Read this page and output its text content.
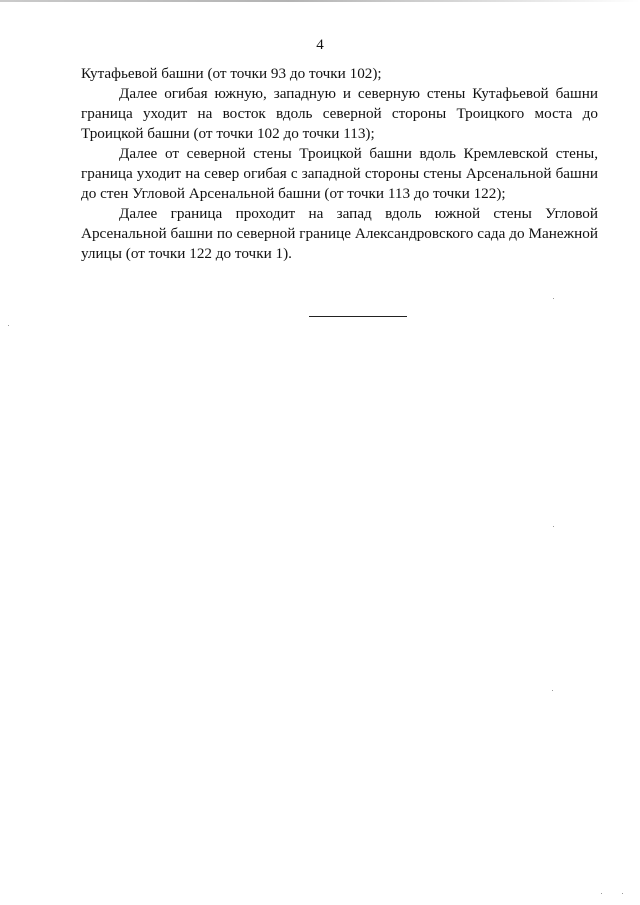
4

Кутафьевой башни (от точки 93 до точки 102);

Далее огибая южную, западную и северную стены Кутафьевой башни граница уходит на восток вдоль северной стороны Троицкого моста до Троицкой башни (от точки 102 до точки 113);

Далее от северной стены Троицкой башни вдоль Кремлевской стены, граница уходит на север огибая с западной стороны стены Арсенальной башни до стен Угловой Арсенальной башни (от точки 113 до точки 122);

Далее граница проходит на запад вдоль южной стены Угловой Арсенальной башни по северной границе Александровского сада до Манежной улицы (от точки 122 до точки 1).
